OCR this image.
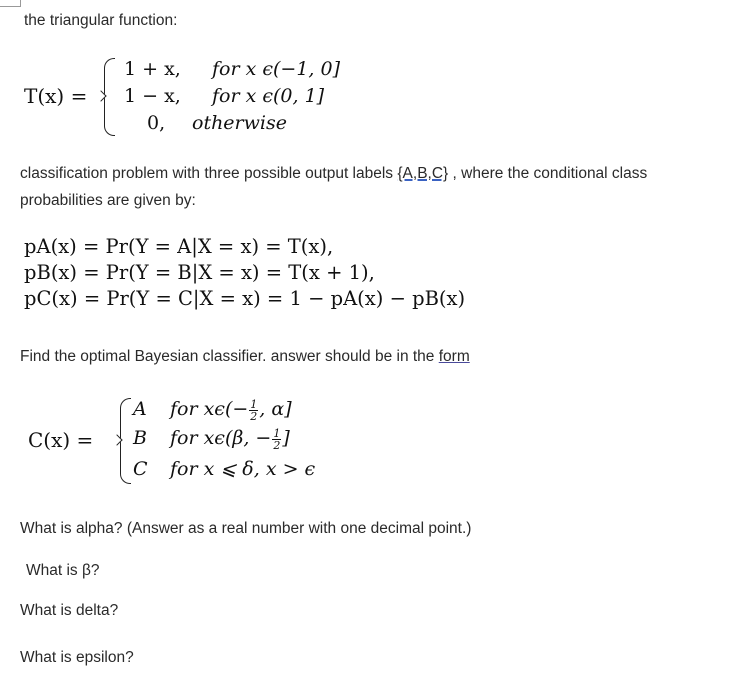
the triangular function:
T(x) =
1 + x, for x ϵ(−1, 0]
1 − x, for x ϵ(0, 1]
0, otherwise
classification problem with three possible output labels {A,B,C} , where the conditional class
probabilities are given by:
pA(x) = Pr(Y = A|X = x) = T(x),
pB(x) = Pr(Y = B|X = x) = T(x + 1),
pC(x) = Pr(Y = C|X = x) = 1 − pA(x) − pB(x)
Find the optimal Bayesian classifier. answer should be in the form
C(x) =
A for $x\epsilon(- \frac{1}{2}$ , α]
B for xϵ(β, − $\frac{1}{2}$ ]
C for x ⩽ δ, x > ϵ
What is alpha? (Answer as a real number with one decimal point.)
What is β?
What is delta?
What is epsilon?
